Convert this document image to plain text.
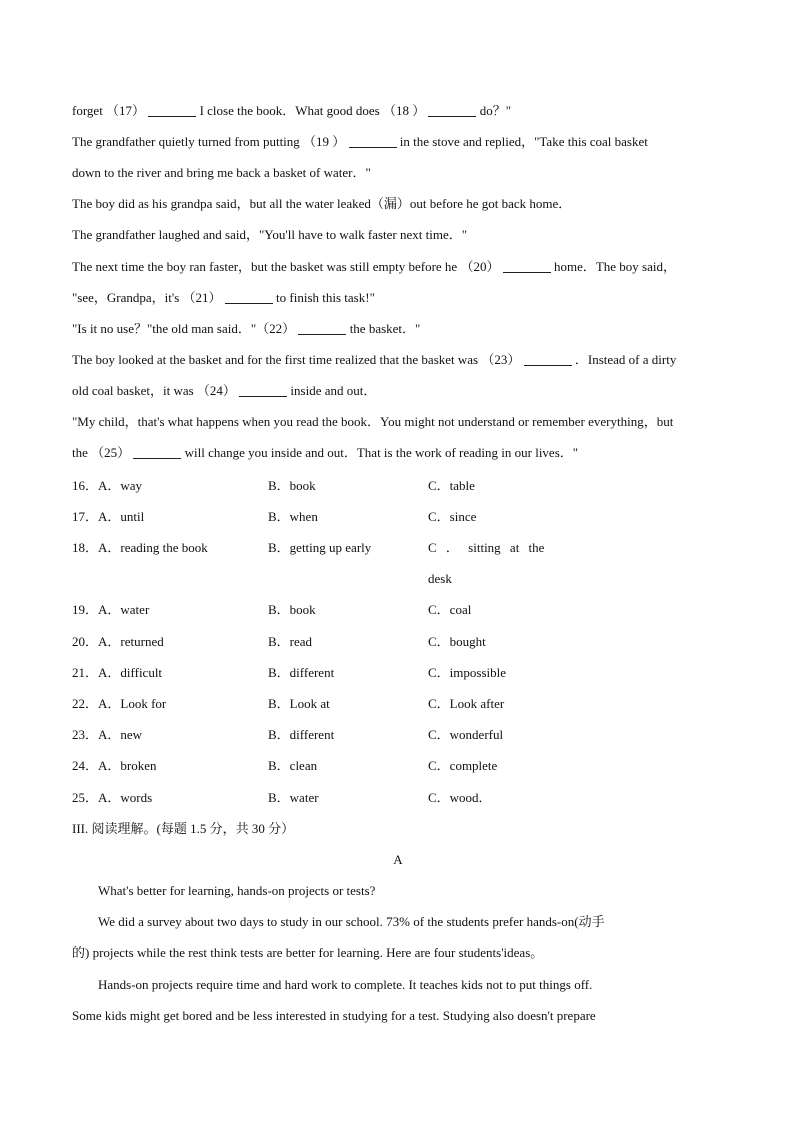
forget （17）	I close the book．What good does （18 ）	do？"
The grandfather quietly turned from putting （19 ）	in the stove and replied，"Take this coal basket
down to the river and bring me back a basket of water．"
The boy did as his grandpa said，but all the water leaked（漏）out before he got back home．
The grandfather laughed and said，"You'll have to walk faster next time．"
The next time the boy ran faster，but the basket was still empty before he （20）	home．The boy said，
"see，Grandpa，it's （21）	to finish this task!"
"Is it no use？"the old man said．"（22）	the basket．"
The boy looked at the basket and for the first time realized that the basket was （23）	．Instead of a dirty
old coal basket，it was （24）	inside and out．
"My child，that's what happens when you read the book．You might not understand or remember everything，but
the （25）	will change you inside and out．That is the work of reading in our lives．"
16．A．way	B．book	C．table
17．A．until	B．when	C．since
18．A．reading the book	B．getting up early	C ． sitting at the
desk
19．A．water	B．book	C．coal
20．A．returned	B．read	C．bought
21．A．difficult	B．different	C．impossible
22．A．Look for	B．Look at	C．Look after
23．A．new	B．different	C．wonderful
24．A．broken	B．clean	C．complete
25．A．words	B．water	C．wood．
III. 阅读理解。(每题 1.5 分，共 30 分）
A
What's better for learning, hands-on projects or tests?
We did a survey about two days to study in our school. 73% of the students prefer hands-on(动手
的) projects while the rest think tests are better for learning. Here are four students'ideas。
Hands-on projects require time and hard work to complete. It teaches kids not to put things off.
Some kids might get bored and be less interested in studying for a test. Studying also doesn't prepare
